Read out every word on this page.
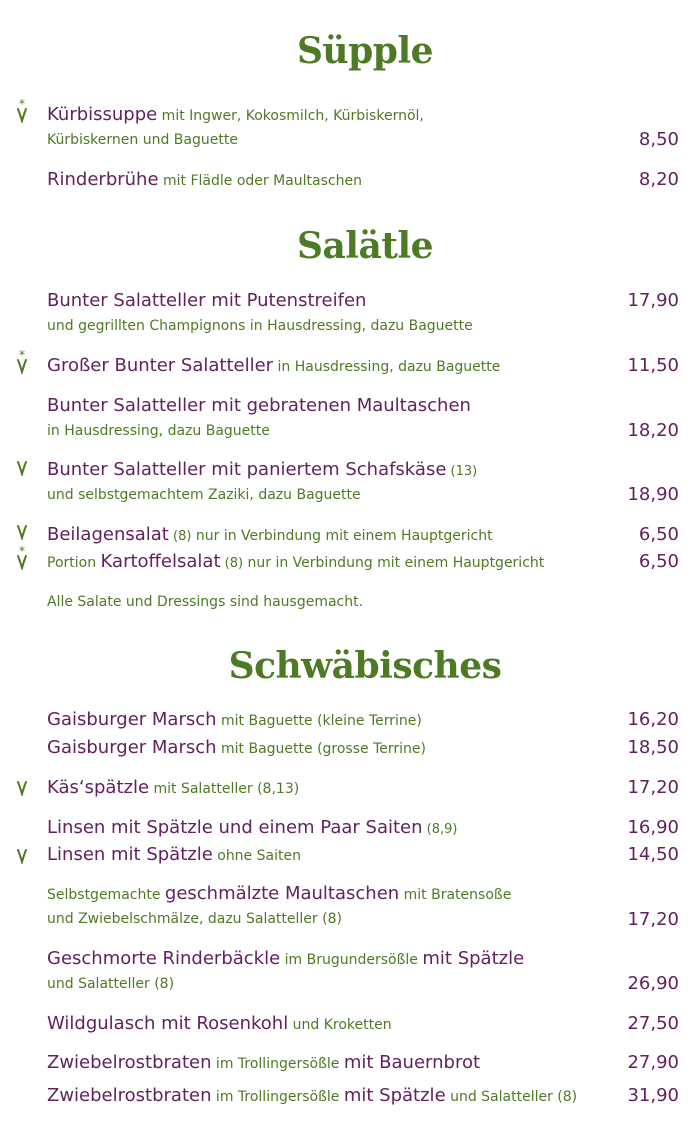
Süpple
* Kürbissuppe mit Ingwer, Kokosmilch, Kürbiskernöl,
Kürbiskernen und Baguette	8,50
Rinderbrühe mit Flädle oder Maultaschen	8,20
Salätle
Bunter Salatteller mit Putenstreifen	17,90
und gegrillten Champignons in Hausdressing, dazu Baguette
* Großer Bunter Salatteller in Hausdressing, dazu Baguette	11,50
Bunter Salatteller mit gebratenen Maultaschen
in Hausdressing, dazu Baguette	18,20
Bunter Salatteller mit paniertem Schafskäse (13)
und selbstgemachtem Zaziki, dazu Baguette	18,90
Beilagensalat (8) nur in Verbindung mit einem Hauptgericht	6,50
*
Portion Kartoffelsalat (8) nur in Verbindung mit einem Hauptgericht	6,50
Alle Salate und Dressings sind hausgemacht.
Schwäbisches
Gaisburger Marsch mit Baguette (kleine Terrine)	16,20
Gaisburger Marsch mit Baguette (grosse Terrine)	18,50
Käs‘spätzle mit Salatteller (8,13)	17,20
Linsen mit Spätzle und einem Paar Saiten (8,9)	16,90
Linsen mit Spätzle ohne Saiten	14,50
Selbstgemachte geschmälzte Maultaschen mit Bratensoße
und Zwiebelschmälze, dazu Salatteller (8)	17,20
Geschmorte Rinderbäckle im Brugundersößle mit Spätzle
und Salatteller (8)	26,90
Wildgulasch mit Rosenkohl und Kroketten	27,50
Zwiebelrostbraten im Trollingersößle mit Bauernbrot	27,90
Zwiebelrostbraten im Trollingersößle mit Spätzle und Salatteller (8)	31,90
